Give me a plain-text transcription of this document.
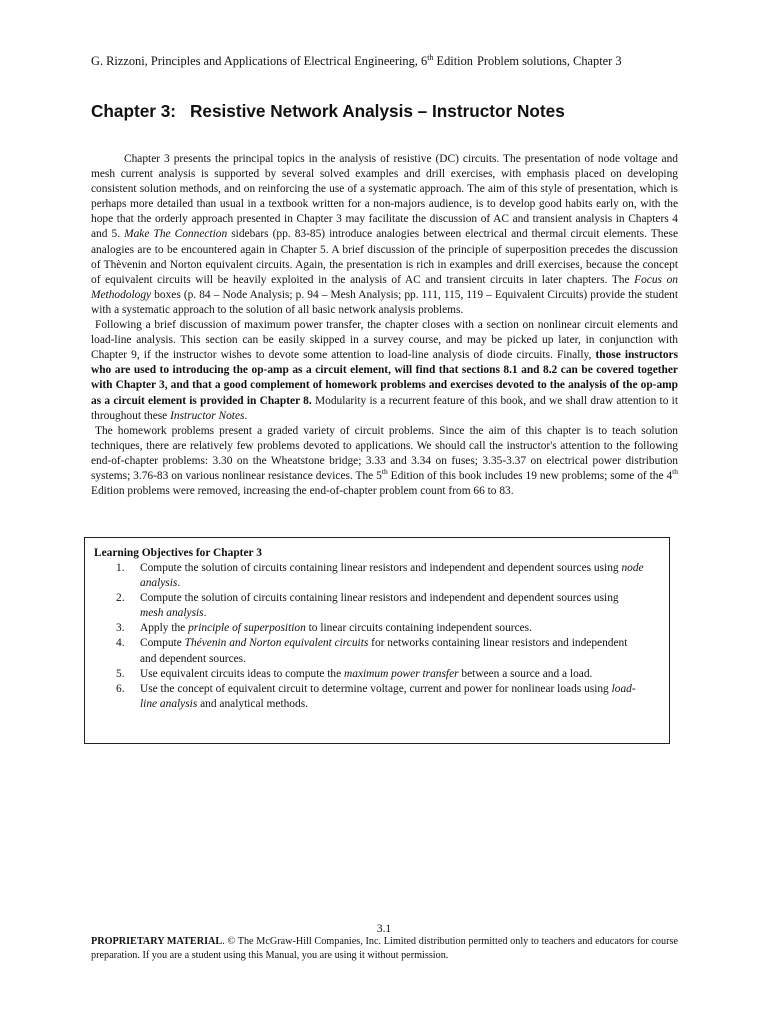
G. Rizzoni, Principles and Applications of Electrical Engineering, 6th Edition Problem solutions, Chapter 3
Chapter 3: Resistive Network Analysis – Instructor Notes

Chapter 3 presents the principal topics in the analysis of resistive (DC) circuits. The presentation of node voltage and mesh current analysis is supported by several solved examples and drill exercises, with emphasis placed on developing consistent solution methods, and on reinforcing the use of a systematic approach. The aim of this style of presentation, which is perhaps more detailed than usual in a textbook written for a non-majors audience, is to develop good habits early on, with the hope that the orderly approach presented in Chapter 3 may facilitate the discussion of AC and transient analysis in Chapters 4 and 5. Make The Connection sidebars (pp. 83-85) introduce analogies between electrical and thermal circuit elements. These analogies are to be encountered again in Chapter 5. A brief discussion of the principle of superposition precedes the discussion of Thèvenin and Norton equivalent circuits. Again, the presentation is rich in examples and drill exercises, because the concept of equivalent circuits will be heavily exploited in the analysis of AC and transient circuits in later chapters. The Focus on Methodology boxes (p. 84 – Node Analysis; p. 94 – Mesh Analysis; pp. 111, 115, 119 – Equivalent Circuits) provide the student with a systematic approach to the solution of all basic network analysis problems.

Following a brief discussion of maximum power transfer, the chapter closes with a section on nonlinear circuit elements and load-line analysis. This section can be easily skipped in a survey course, and may be picked up later, in conjunction with Chapter 9, if the instructor wishes to devote some attention to load-line analysis of diode circuits. Finally, those instructors who are used to introducing the op-amp as a circuit element, will find that sections 8.1 and 8.2 can be covered together with Chapter 3, and that a good complement of homework problems and exercises devoted to the analysis of the op-amp as a circuit element is provided in Chapter 8. Modularity is a recurrent feature of this book, and we shall draw attention to it throughout these Instructor Notes.

The homework problems present a graded variety of circuit problems. Since the aim of this chapter is to teach solution techniques, there are relatively few problems devoted to applications. We should call the instructor's attention to the following end-of-chapter problems: 3.30 on the Wheatstone bridge; 3.33 and 3.34 on fuses; 3.35-3.37 on electrical power distribution systems; 3.76-83 on various nonlinear resistance devices. The 5th Edition of this book includes 19 new problems; some of the 4th Edition problems were removed, increasing the end-of-chapter problem count from 66 to 83.

Learning Objectives for Chapter 3
1. Compute the solution of circuits containing linear resistors and independent and dependent sources using node analysis.
2. Compute the solution of circuits containing linear resistors and independent and dependent sources using mesh analysis.
3. Apply the principle of superposition to linear circuits containing independent sources.
4. Compute Thévenin and Norton equivalent circuits for networks containing linear resistors and independent and dependent sources.
5. Use equivalent circuits ideas to compute the maximum power transfer between a source and a load.
6. Use the concept of equivalent circuit to determine voltage, current and power for nonlinear loads using load-line analysis and analytical methods.
3.1
PROPRIETARY MATERIAL. © The McGraw-Hill Companies, Inc. Limited distribution permitted only to teachers and educators for course preparation. If you are a student using this Manual, you are using it without permission.
